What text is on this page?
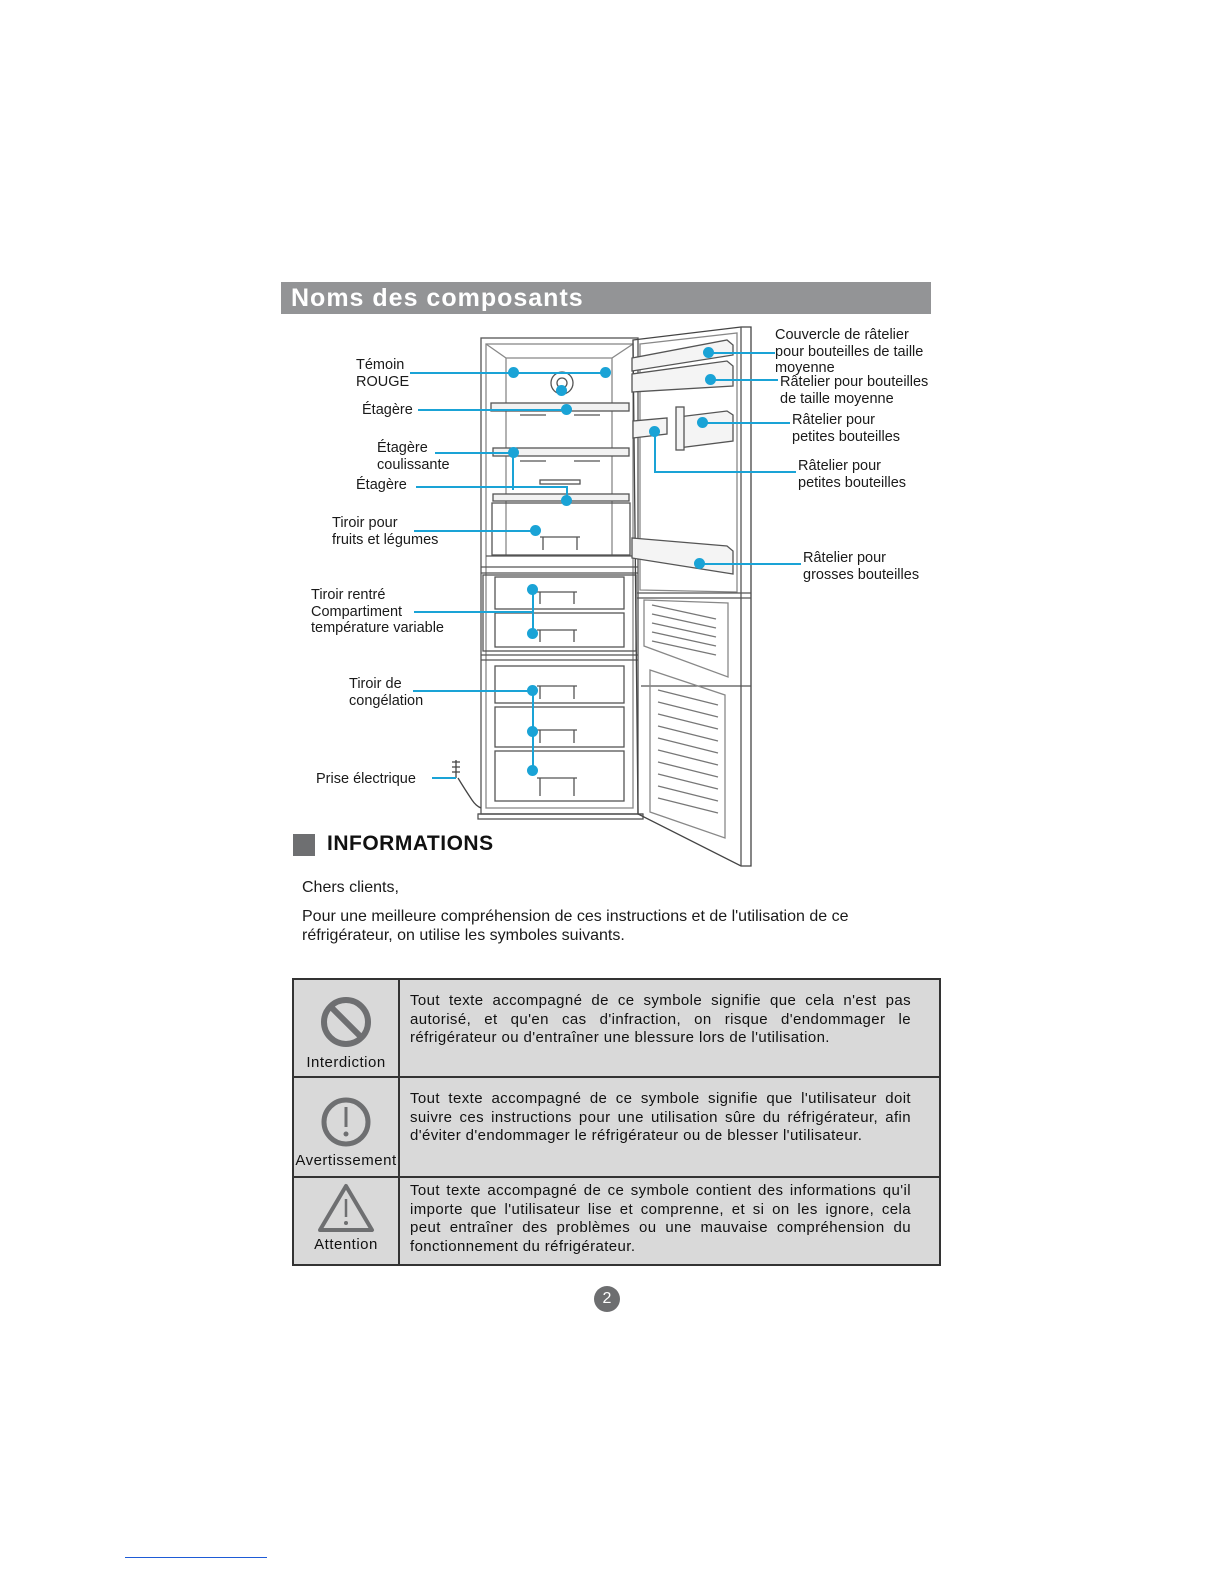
Noms des composants
Témoin
ROUGE
Étagère
Étagère
coulissante
Étagère
Tiroir pour
fruits et légumes
Tiroir rentré
Compartiment
température variable
Tiroir de
congélation
Prise électrique
Couvercle de râtelier
pour bouteilles de taille
moyenne
Râtelier pour bouteilles
de taille moyenne
Râtelier pour
petites bouteilles
Râtelier pour
petites bouteilles
Râtelier pour
grosses bouteilles
INFORMATIONS
Chers clients,
Pour une meilleure compréhension de ces instructions et de l'utilisation de ce
réfrigérateur, on utilise les symboles suivants.
Interdiction	Tout texte accompagné de ce symbole signifie que cela n'est pas autorisé, et qu'en cas d'infraction, on risque d'endommager le réfrigérateur ou d'entraîner une blessure lors de l'utilisation.

Avertissement	Tout texte accompagné de ce symbole signifie que l'utilisateur doit suivre ces instructions pour une utilisation sûre du réfrigérateur, afin d'éviter d'endommager le réfrigérateur ou de blesser l'utilisateur.

Attention	Tout texte accompagné de ce symbole contient des informations qu'il importe que l'utilisateur lise et comprenne, et si on les ignore, cela peut entraîner des problèmes ou une mauvaise compréhension du fonctionnement du réfrigérateur.
2
